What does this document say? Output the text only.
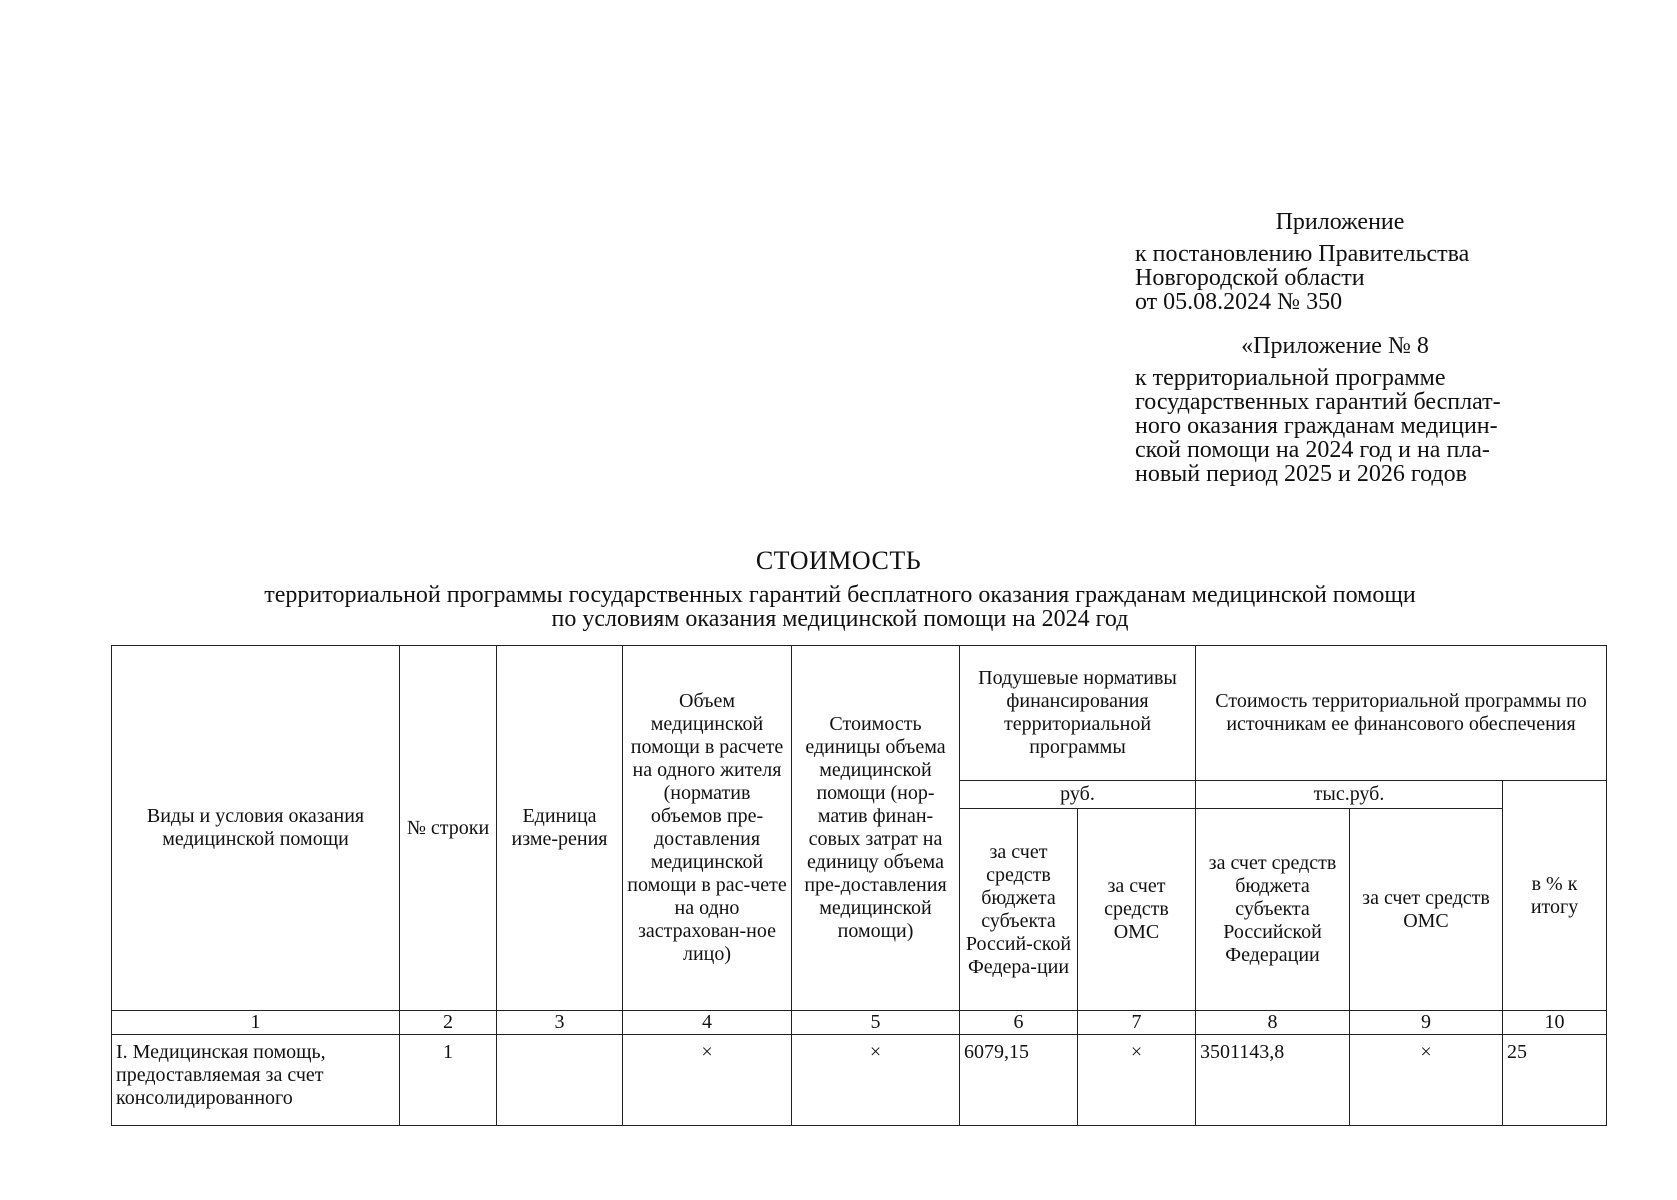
Приложение
к постановлению Правительства
Новгородской области
от 05.08.2024 № 350
«Приложение № 8
к территориальной программе
государственных гарантий бесплат-
ного оказания гражданам медицин-
ской помощи на 2024 год и на пла-
новый период 2025 и 2026 годов
СТОИМОСТЬ
территориальной программы государственных гарантий бесплатного оказания гражданам медицинской помощи
по условиям оказания медицинской помощи на 2024 год
Виды и условия оказания медицинской помощи	№ строки	Единица изме-рения	Объем медицинской помощи в расчете на одного жителя (норматив объемов пре-доставления медицинской помощи в рас-чете на одно застрахован-ное лицо)	Стоимость единицы объема медицинской помощи (нор-матив финан-совых затрат на единицу объема пре-доставления медицинской помощи)	Подушевые нормативы финансирования территориальной программы		Стоимость территориальной программы по источникам ее финансового обеспечения		
					руб.		тыс.руб.		в % к итогу
					за счет средств бюджета субъекта Россий-ской Федера-ции	за счет средств ОМС	за счет средств бюджета субъекта Российской Федерации	за счет средств ОМС	
1	2	3	4	5	6	7	8	9	10
I. Медицинская помощь, предоставляемая за счет консолидированного	1		×	×	6079,15	×	3501143,8	×	25
